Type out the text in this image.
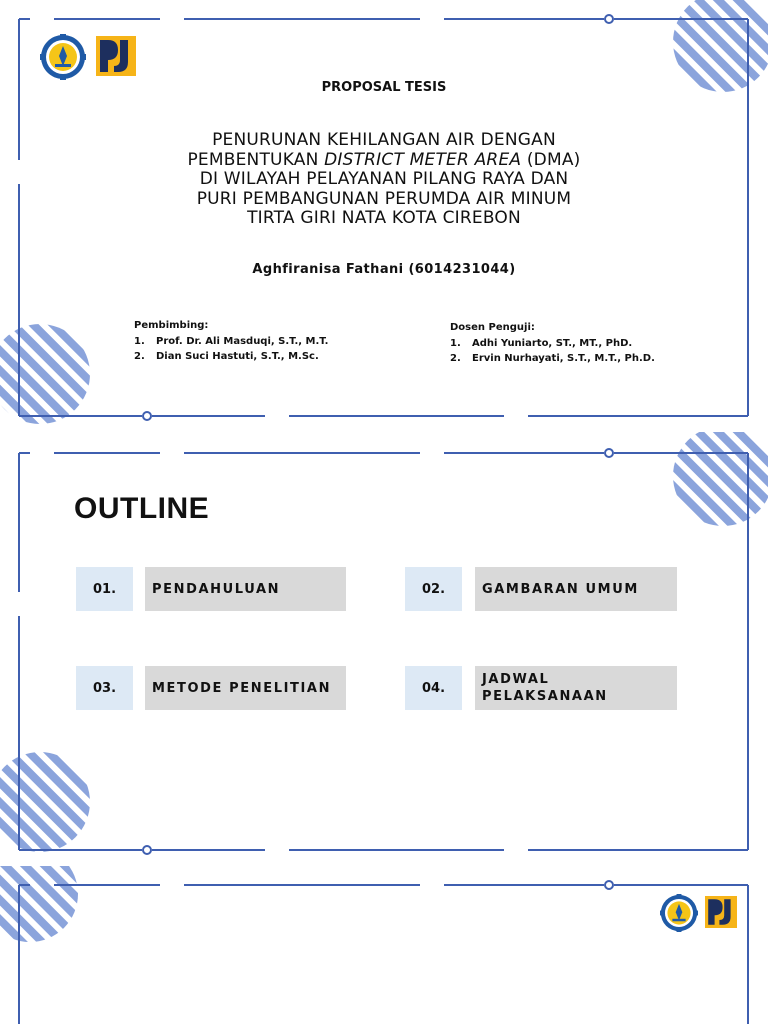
PROPOSAL TESIS
PENURUNAN KEHILANGAN AIR DENGAN
PEMBENTUKAN DISTRICT METER AREA (DMA)
DI WILAYAH PELAYANAN PILANG RAYA DAN
PURI PEMBANGUNAN PERUMDA AIR MINUM
TIRTA GIRI NATA KOTA CIREBON
Aghfiranisa Fathani (6014231044)
Pembimbing:
1.	Prof. Dr. Ali Masduqi, S.T., M.T.
2.	Dian Suci Hastuti, S.T., M.Sc.
Dosen Penguji:
1.	Adhi Yuniarto, ST., MT., PhD.
2.	Ervin Nurhayati, S.T., M.T., Ph.D.
OUTLINE
01.	PENDAHULUAN	02.	GAMBARAN UMUM
03.	METODE PENELITIAN	04.
JADWAL PELAKSANAAN
